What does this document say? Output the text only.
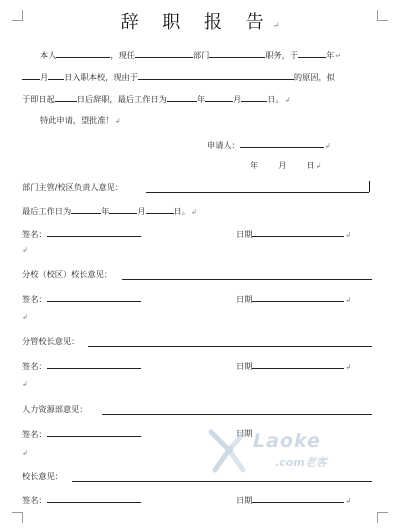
辞 职 报 告↵
本人	，现任	部门	职务，于	年↵
月 日入职本校，现由于	的原因，拟
于即日起	日后辞职，最后工作日为	年	月	日。↲
特此申请，望批准！↲
申请人：	↲
年 月 日↲
部门主管/校区负责人意见：
最后工作日为	年	月	日。↲
签名：	日期	↲
↲
分校（校区）校长意见：
签名：	日期	↲
↲
分管校长意见：
签名：	日期	↲
↲
人力资源部意见：
签名：	日期
↲
校长意见：
签名：	日期	↲
Laoke
.com老客
